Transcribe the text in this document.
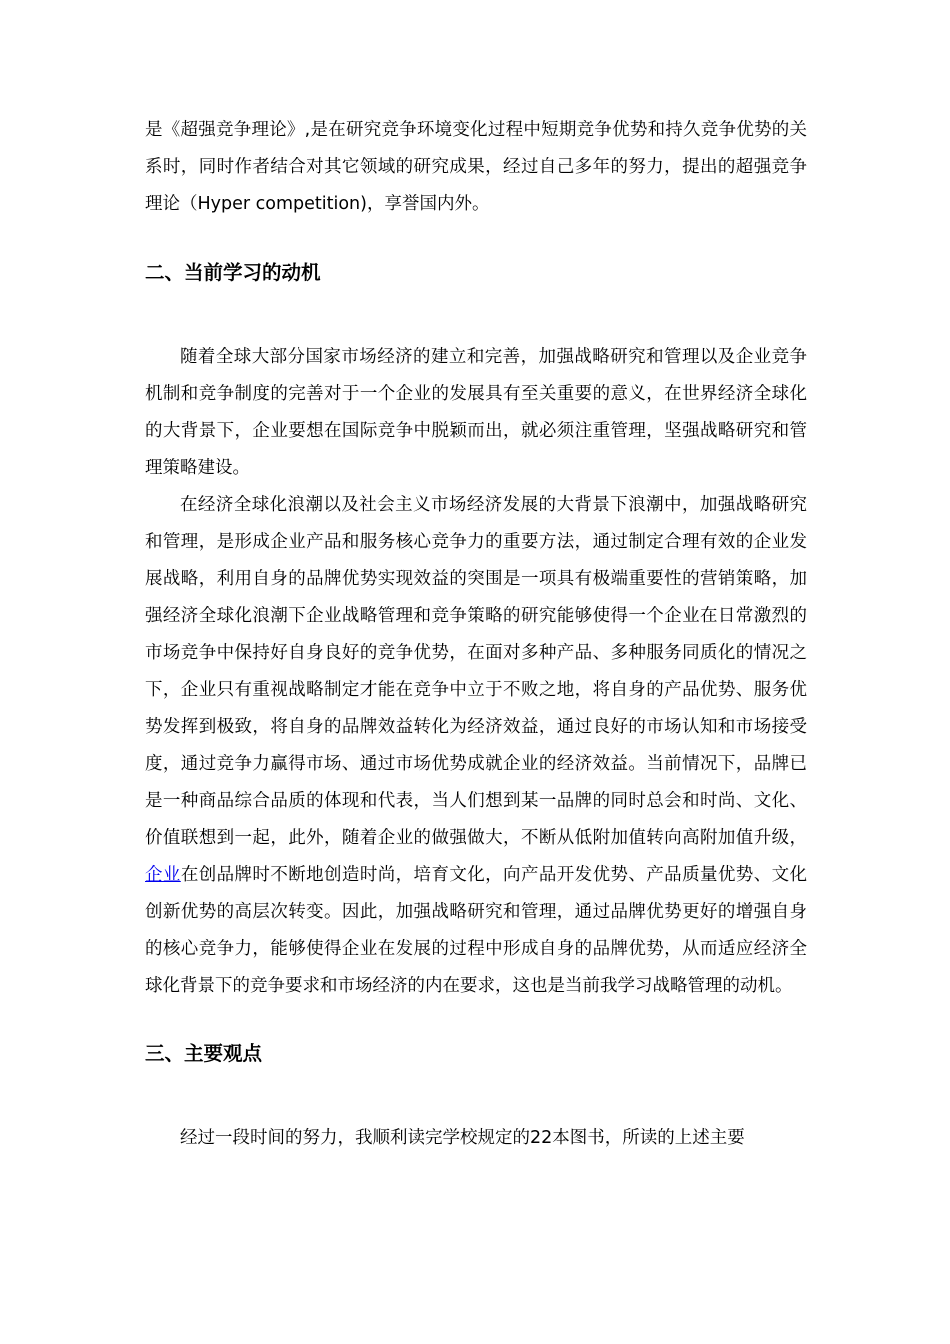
是《超强竞争理论》,是在研究竞争环境变化过程中短期竞争优势和持久竞争优势的关系时，同时作者结合对其它领域的研究成果，经过自己多年的努力，提出的超强竞争理论（Hyper competition)，享誉国内外。

二、当前学习的动机

随着全球大部分国家市场经济的建立和完善，加强战略研究和管理以及企业竞争机制和竞争制度的完善对于一个企业的发展具有至关重要的意义，在世界经济全球化的大背景下，企业要想在国际竞争中脱颖而出，就必须注重管理，坚强战略研究和管理策略建设。

在经济全球化浪潮以及社会主义市场经济发展的大背景下浪潮中，加强战略研究和管理，是形成企业产品和服务核心竞争力的重要方法，通过制定合理有效的企业发展战略，利用自身的品牌优势实现效益的突围是一项具有极端重要性的营销策略，加强经济全球化浪潮下企业战略管理和竞争策略的研究能够使得一个企业在日常激烈的市场竞争中保持好自身良好的竞争优势，在面对多种产品、多种服务同质化的情况之下，企业只有重视战略制定才能在竞争中立于不败之地，将自身的产品优势、服务优势发挥到极致，将自身的品牌效益转化为经济效益，通过良好的市场认知和市场接受度，通过竞争力赢得市场、通过市场优势成就企业的经济效益。当前情况下，品牌已是一种商品综合品质的体现和代表，当人们想到某一品牌的同时总会和时尚、文化、价值联想到一起，此外，随着企业的做强做大，不断从低附加值转向高附加值升级，企业在创品牌时不断地创造时尚，培育文化，向产品开发优势、产品质量优势、文化创新优势的高层次转变。因此，加强战略研究和管理，通过品牌优势更好的增强自身的核心竞争力，能够使得企业在发展的过程中形成自身的品牌优势，从而适应经济全球化背景下的竞争要求和市场经济的内在要求，这也是当前我学习战略管理的动机。

三、主要观点

经过一段时间的努力，我顺利读完学校规定的22本图书，所读的上述主要
